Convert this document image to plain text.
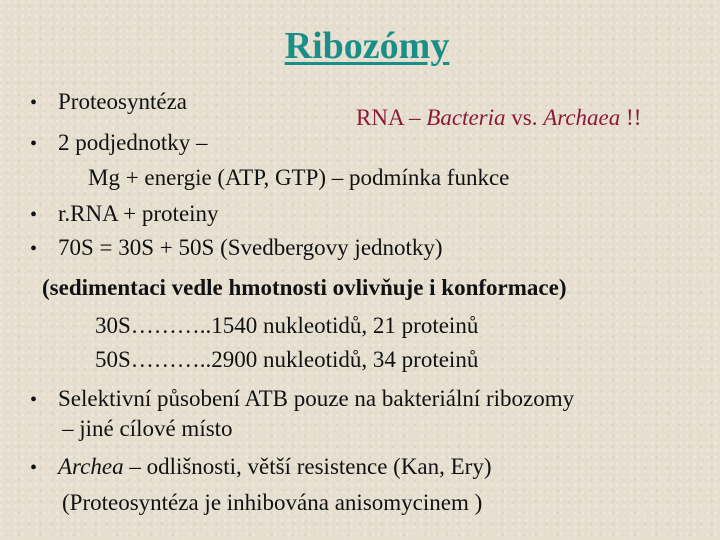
Ribozómy
• Proteosyntéza
RNA – Bacteria vs. Archaea !!
• 2 podjednotky –
Mg + energie (ATP, GTP) – podmínka funkce
• r.RNA + proteiny
• 70S = 30S + 50S (Svedbergovy jednotky)
(sedimentaci vedle hmotnosti ovlivňuje i konformace)
30S………..1540 nukleotidů, 21 proteinů
50S………..2900 nukleotidů, 34 proteinů
• Selektivní působení ATB pouze na bakteriální ribozomy
– jiné cílové místo
• Archea – odlišnosti, větší resistence (Kan, Ery)
(Proteosyntéza je inhibována anisomycinem )
